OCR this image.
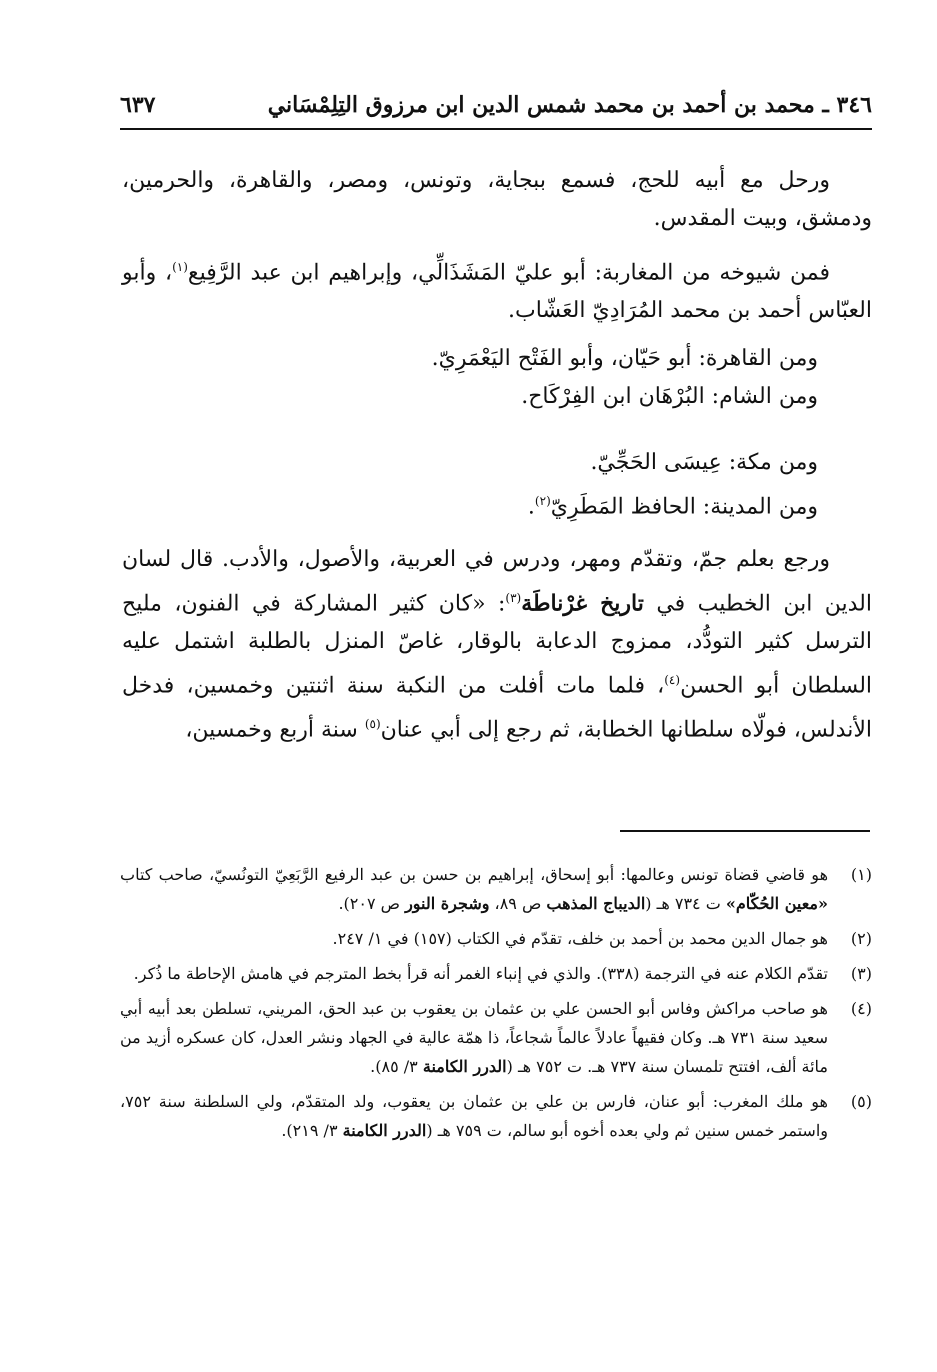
٣٤٦ ـ محمد بن أحمد بن محمد شمس الدين ابن مرزوق التِلِمْسَاني
٦٣٧

ورحل مع أبيه للحج، فسمع ببجاية، وتونس، ومصر، والقاهرة، والحرمين، ودمشق، وبيت المقدس.

فمن شيوخه من المغاربة: أبو عليّ المَشَذَالِّي، وإبراهيم ابن عبد الرَّفِيع$^{(١)}$، وأبو العبّاس أحمد بن محمد المُرَادِيّ العَشّاب.

ومن القاهرة: أبو حَيّان، وأبو الفَتْح اليَعْمَرِيّ.

ومن الشام: البُرْهَان ابن الفِرْكَاح.

ومن مكة: عِيسَى الحَجِّيّ.

ومن المدينة: الحافظ المَطَرِيّ$^{(٢)}$.

ورجع بعلم جمّ، وتقدّم ومهر، ودرس في العربية، والأصول، والأدب. قال لسان الدين ابن الخطيب في تاريخ غرْناطَة$^{(٣)}$: «كان كثير المشاركة في الفنون، مليح الترسل كثير التودُّد، ممزوج الدعابة بالوقار، غاصّ المنزل بالطلبة اشتمل عليه السلطان أبو الحسن$^{(٤)}$، فلما مات أفلت من النكبة سنة اثنتين وخمسين، فدخل الأندلس، فولّاه سلطانها الخطابة، ثم رجع إلى أبي عنان$^{(٥)}$ سنة أربع وخمسين،

(١)
هو قاضي قضاة تونس وعالمها: أبو إسحاق، إبراهيم بن حسن بن عبد الرفيع الرَّبَعِيّ التونُسيّ، صاحب كتاب «معين الحُكّام» ت ٧٣٤ هـ (الديباج المذهب ص ٨٩، وشجرة النور ص ٢٠٧).
(٢)
هو جمال الدين محمد بن أحمد بن خلف، تقدّم في الكتاب (١٥٧) في ١/ ٢٤٧.
(٣)
تقدّم الكلام عنه في الترجمة (٣٣٨). والذي في إنباء الغمر أنه قرأ بخط المترجم في هامش الإحاطة ما ذُكر.
(٤)
هو صاحب مراكش وفاس أبو الحسن علي بن عثمان بن يعقوب بن عبد الحق، المريني، تسلطن بعد أبيه أبي سعيد سنة ٧٣١ هـ. وكان فقيهاً عادلاً عالماً شجاعاً، ذا همّة عالية في الجهاد ونشر العدل، كان عسكره أزيد من مائة ألف، افتتح تلمسان سنة ٧٣٧ هـ. ت ٧٥٢ هـ (الدرر الكامنة ٣/ ٨٥).
(٥)
هو ملك المغرب: أبو عنان، فارس بن علي بن عثمان بن يعقوب، ولد المتقدّم، ولي السلطنة سنة ٧٥٢، واستمر خمس سنين ثم ولي بعده أخوه أبو سالم، ت ٧٥٩ هـ (الدرر الكامنة ٣/ ٢١٩).
